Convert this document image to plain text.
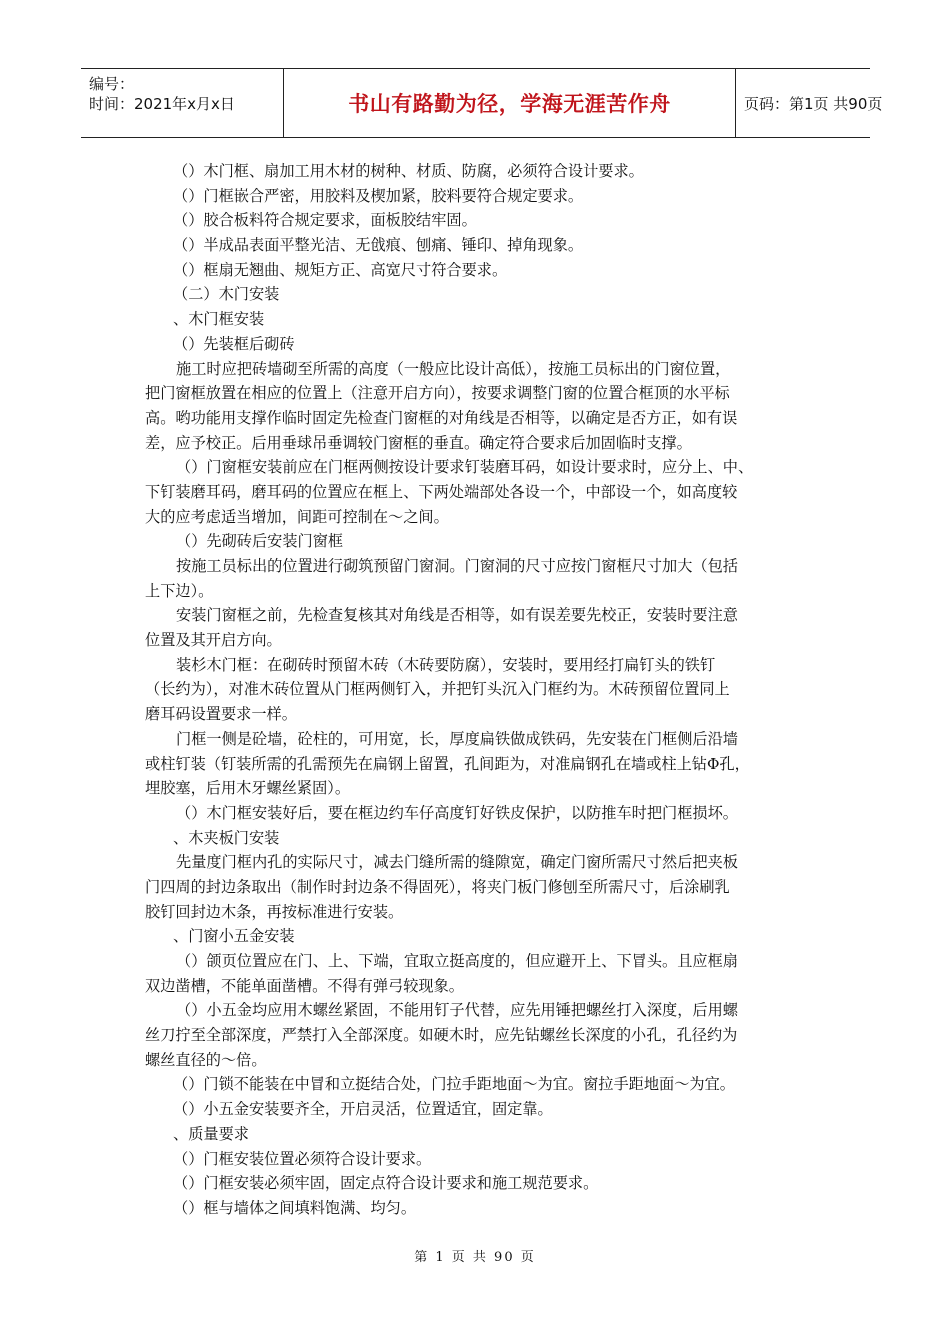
编号：
时间：2021年x月x日	书山有路勤为径，学海无涯苦作舟	页码：第1页 共90页
（）木门框、扇加工用木材的树种、材质、防腐，必须符合设计要求。
（）门框嵌合严密，用胶料及楔加紧，胶料要符合规定要求。
（）胶合板料符合规定要求，面板胶结牢固。
（）半成品表面平整光洁、无戗痕、刨痛、锤印、掉角现象。
（）框扇无翘曲、规矩方正、高宽尺寸符合要求。
（二）木门安装
、木门框安装
（）先装框后砌砖
施工时应把砖墙砌至所需的高度（一般应比设计高低），按施工员标出的门窗位置，
把门窗框放置在相应的位置上（注意开启方向），按要求调整门窗的位置合框顶的水平标
高。哟功能用支撑作临时固定先检查门窗框的对角线是否相等，以确定是否方正，如有误
差，应予校正。后用垂球吊垂调较门窗框的垂直。确定符合要求后加固临时支撑。
（）门窗框安装前应在门框两侧按设计要求钉装磨耳码，如设计要求时，应分上、中、
下钉装磨耳码，磨耳码的位置应在框上、下两处端部处各设一个，中部设一个，如高度较
大的应考虑适当增加，间距可控制在～之间。
（）先砌砖后安装门窗框
按施工员标出的位置进行砌筑预留门窗洞。门窗洞的尺寸应按门窗框尺寸加大（包括
上下边）。
安装门窗框之前，先检查复核其对角线是否相等，如有误差要先校正，安装时要注意
位置及其开启方向。
装杉木门框：在砌砖时预留木砖（木砖要防腐），安装时，要用经打扁钉头的铁钉
（长约为），对准木砖位置从门框两侧钉入，并把钉头沉入门框约为。木砖预留位置同上
磨耳码设置要求一样。
门框一侧是砼墙，砼柱的，可用宽，长，厚度扁铁做成铁码，先安装在门框侧后沿墙
或柱钉装（钉装所需的孔需预先在扁钢上留置，孔间距为，对准扁钢孔在墙或柱上钻Φ孔，
埋胶塞，后用木牙螺丝紧固）。
（）木门框安装好后，要在框边约车仔高度钉好铁皮保护，以防推车时把门框损坏。
、木夹板门安装
先量度门框内孔的实际尺寸，减去门缝所需的缝隙宽，确定门窗所需尺寸然后把夹板
门四周的封边条取出（制作时封边条不得固死），将夹门板门修刨至所需尺寸，后涂刷乳
胶钉回封边木条，再按标准进行安装。
、门窗小五金安装
（）颌页位置应在门、上、下端，宜取立挺高度的，但应避开上、下冒头。且应框扇
双边凿槽，不能单面凿槽。不得有弹弓较现象。
（）小五金均应用木螺丝紧固，不能用钉子代替，应先用锤把螺丝打入深度，后用螺
丝刀拧至全部深度，严禁打入全部深度。如硬木时，应先钻螺丝长深度的小孔，孔径约为
螺丝直径的～倍。
（）门锁不能装在中冒和立挺结合处，门拉手距地面～为宜。窗拉手距地面～为宜。
（）小五金安装要齐全，开启灵活，位置适宜，固定靠。
、质量要求
（）门框安装位置必须符合设计要求。
（）门框安装必须牢固，固定点符合设计要求和施工规范要求。
（）框与墙体之间填料饱满、均匀。
第 1 页 共 90 页
